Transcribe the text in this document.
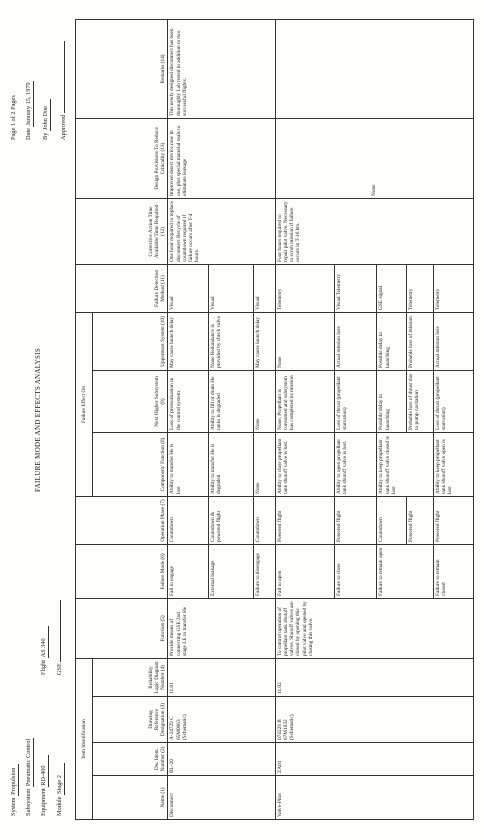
System Propulsion
Subsystem Pneumatic Control
Equipment RD-400
Flight AS 340
Module Stage 2
GSE
FAILURE MODE AND EFFECTS ANALYSIS
Page 1 of 2 Pages Date January 15, 1979
By John Doe Approved
Item Identification				Function (5)	Failure Mode (6)	Operation Phase (7)	Failure Effect On			Failure Detection Method (11)	Corrective Action Time Available/Time Required (12)	Design Provisions To Reduce Criticality (13)	Remarks (14)
Name (1)	Dw. Ident. Number (2)	Drawing Reference Designation (3)	Reliability Logic Diagram Number (4)				Component/ Function (8)	Next Higher Subsystem (9)	Uppermost System (10)				
Disconnect	BL-20	A-24729 C 85M0963 (Schematic)	11.01	Provide means of connecting GSE 2nd stage LE to transfer He	Fail to engage	Countdown	Ability to transfer He is lost	Loss of pressurization in the control system	May cause launch delay	Visual	One hour required to replace disconnect Recycle of countdown required if failure occurs after T-4 hours.	Improved detect device now in use, plus special material seals to eliminate leakage	This newly designed disconnect has been thoroughly Lab tested in addition to two successful flights.
					External leakage	Countdown & powered flight	Ability to transfer He is degraded	Ability to fill or drain He tanks is degraded	None Redundance is provided by check valve	Visual			
					Failure to disengage	Countdown	None	None	May cause launch delay	Visual			
Valve-Pilot	ZA01	074229 B 67M1832 (Schematic)	11.02	To control operation of propellant tank shutoff valves. Shutoff valves are closed by opening this pilot valve and opened by closing this valve.	Fail to open	Powered flight	Ability to close propellant tank shutoff valve is lost.	None; Propellant is consumed and subsystem has completed its mission	None	Telemetry	Four hours required to repair pilot valve. Necessary to scrub mission if failure occurs in T-16 hrs.	None	
					Failure to close	Powered flight	Ability to open propellant tank shutoff valve is lost.	Loss of thrust (propellant starvation)	Actual mission loss	Visual Telemetry			
					Failure to remain open	Countdown	Ability to keep propellant tank shutoff valve closed is lost	Possible delay in launching	Possible delay in launching	GSE signal			
						Powered flight		Probable loss of thrust due to pump cavitation	Probable loss of mission	Telemetry			
					Failure to remain closed	Powered flight	Ability to keep propellant tank shutoff valve open is lost	Loss of thrust (propellant starvation)	Actual mission loss	Telemetry			
